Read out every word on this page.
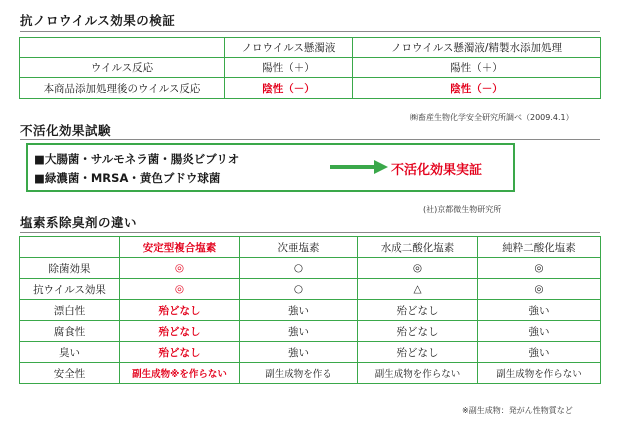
抗ノロウイルス効果の検証
	ノロウイルス懸濁液	ノロウイルス懸濁液/精製水添加処理
ウイルス反応	陽性（＋）	陽性（＋）
本商品添加処理後のウイルス反応	陰性（－）	陰性（－）
㈱畜産生物化学安全研究所調べ（2009.4.1）
不活化効果試験
■大腸菌・サルモネラ菌・腸炎ビブリオ
■緑濃菌・MRSA・黄色ブドウ球菌	不活化効果実証
(社)京都微生物研究所
塩素系除臭剤の違い
	安定型複合塩素	次亜塩素	水成二酸化塩素	純粋二酸化塩素
除菌効果	◎	○	◎	◎
抗ウイルス効果	◎	○	△	◎
漂白性	殆どなし	強い	殆どなし	強い
腐食性	殆どなし	強い	殆どなし	強い
臭い	殆どなし	強い	殆どなし	強い
安全性	副生成物※を作らない	副生成物を作る	副生成物を作らない	副生成物を作らない
※副生成物：発がん性物質など
